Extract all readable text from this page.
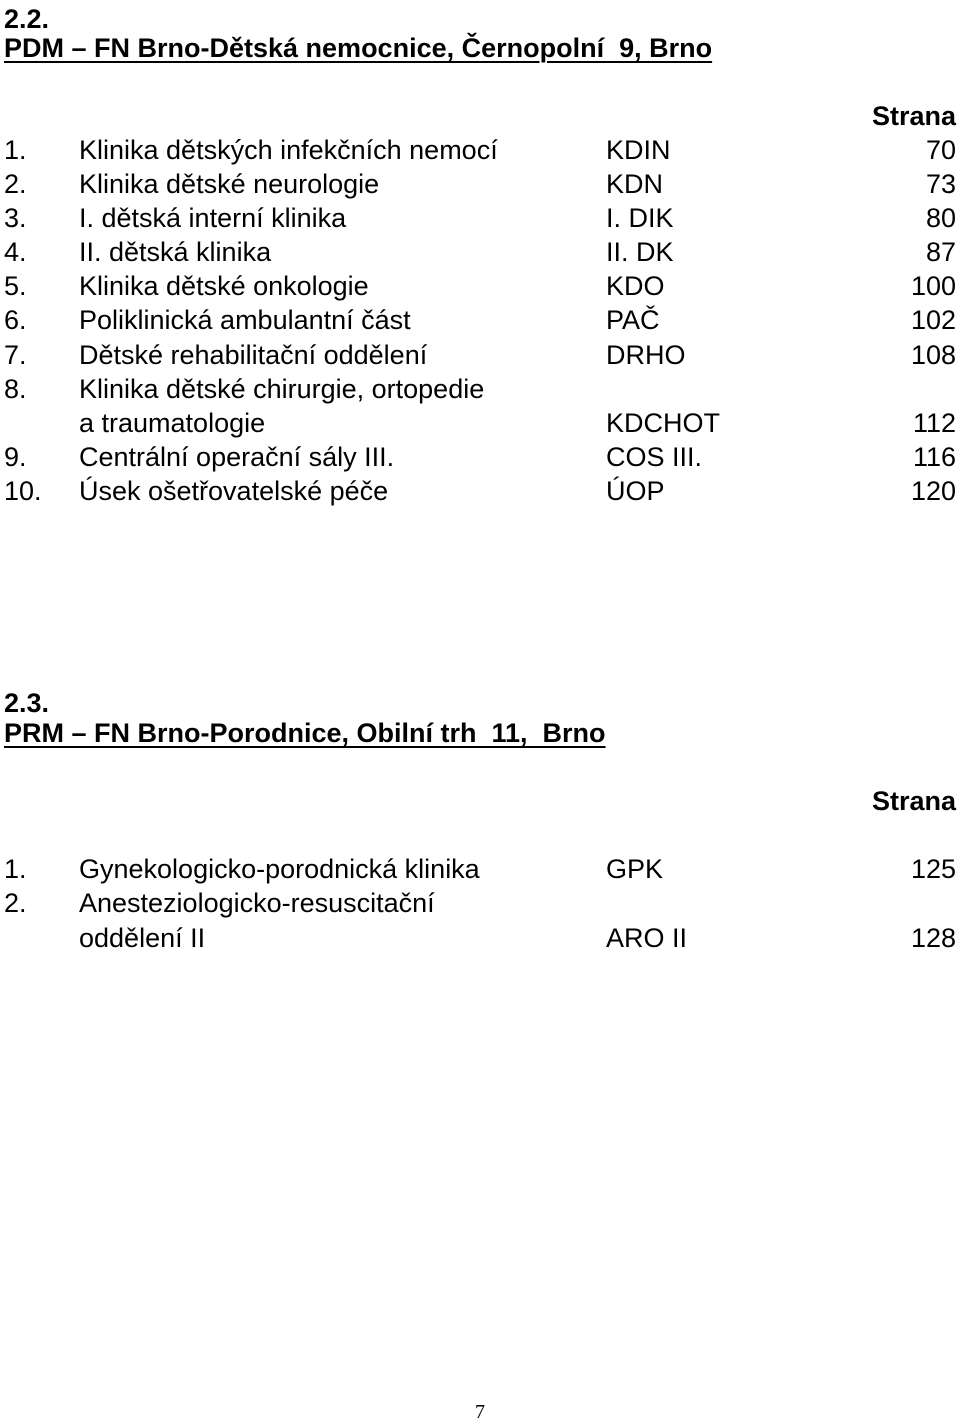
2.2.
PDM – FN Brno-Dětská nemocnice, Černopolní  9, Brno
Strana
1. Klinika dětských infekčních nemocí	KDIN	70
2. Klinika dětské neurologie	KDN	73
3. I. dětská interní klinika	I. DIK	80
4. II. dětská klinika	II. DK	87
5. Klinika dětské onkologie	KDO	100
6. Poliklinická ambulantní část	PAČ	102
7. Dětské rehabilitační oddělení	DRHO	108
8. Klinika dětské chirurgie, ortopedie
a traumatologie	KDCHOT	112
9. Centrální operační sály III.	COS III.	116
10. Úsek ošetřovatelské péče	ÚOP	120
2.3.
PRM – FN Brno-Porodnice, Obilní trh  11,  Brno
Strana
1. Gynekologicko-porodnická klinika	GPK	125
2. Anesteziologicko-resuscitační
oddělení II	ARO II	128
7
